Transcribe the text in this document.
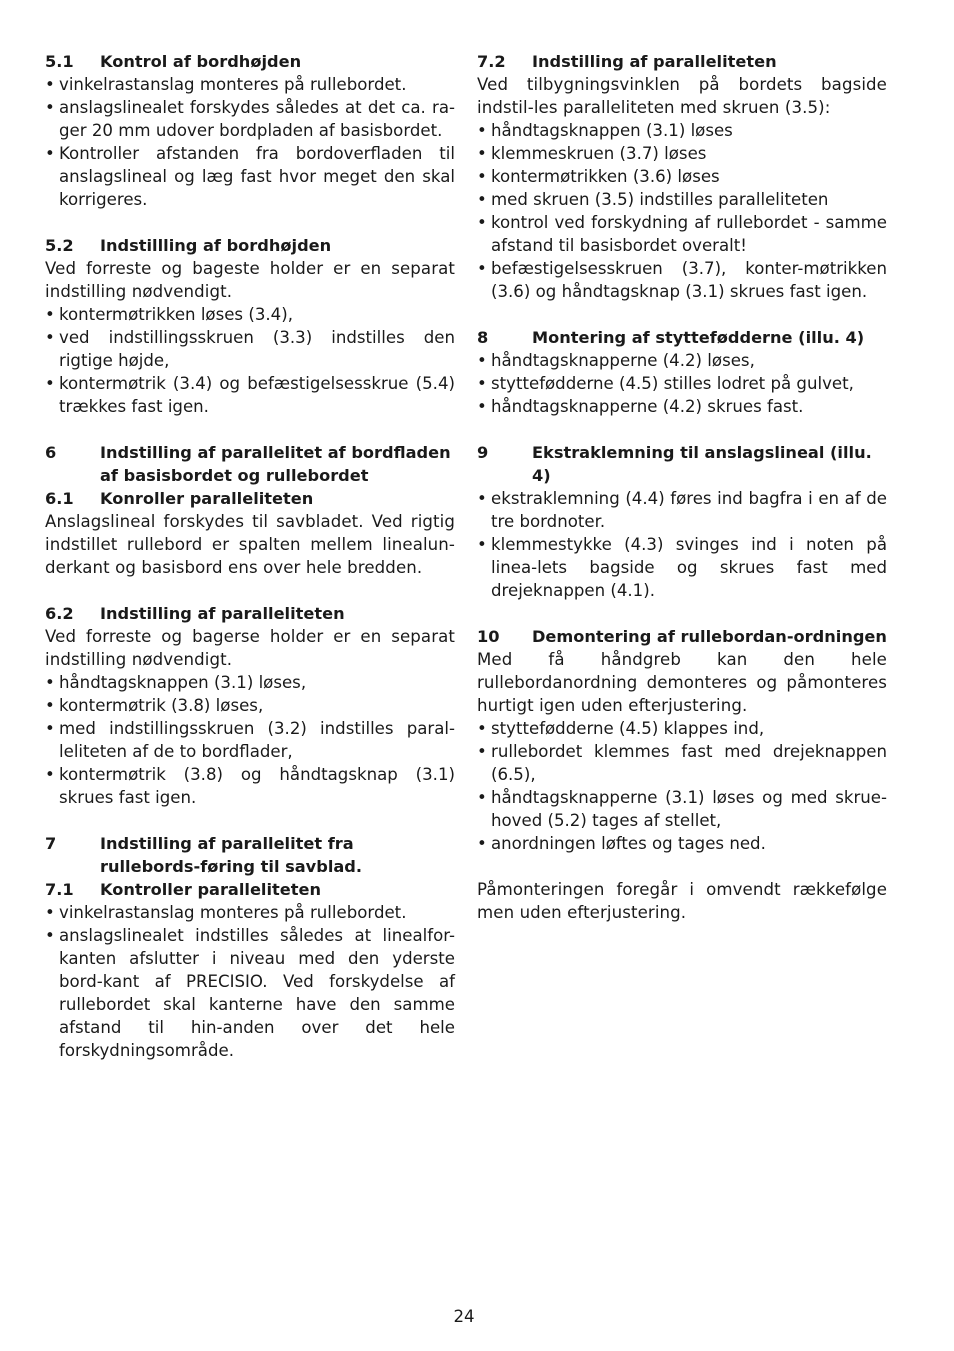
5.1	Kontrol af bordhøjden
• vinkelrastanslag monteres på rullebordet.
• anslagslinealet forskydes således at det ca. ra-ger 20 mm udover bordpladen af basisbordet.
• Kontroller afstanden fra bordoverfladen til anslagslineal og læg fast hvor meget den skal korrigeres.
5.2	Indstillling af bordhøjden
Ved forreste og bageste holder er en separat indstilling nødvendigt.
• kontermøtrikken løses (3.4),
• ved indstillingsskruen (3.3) indstilles den rigtige højde,
• kontermøtrik (3.4) og befæstigelsesskrue (5.4) trækkes fast igen.
6	Indstilling af parallelitet af bordfladen af basisbordet og rullebordet
6.1	Konroller paralleliteten
Anslagslineal forskydes til savbladet. Ved rigtig indstillet rullebord er spalten mellem linealun-derkant og basisbord ens over hele bredden.
6.2	Indstilling af paralleliteten
Ved forreste og bagerse holder er en separat indstilling nødvendigt.
• håndtagsknappen (3.1) løses,
• kontermøtrik (3.8) løses,
• med indstillingsskruen (3.2) indstilles paral-leliteten af de to bordflader,
• kontermøtrik (3.8) og håndtagsknap (3.1) skrues fast igen.
7	Indstilling af parallelitet fra rullebords-føring til savblad.
7.1	Kontroller paralleliteten
• vinkelrastanslag monteres på rullebordet.
• anslagslinealet indstilles således at linealfor-kanten afslutter i niveau med den yderste bord-kant af PRECISIO. Ved forskydelse af rullebordet skal kanterne have den samme afstand til hin-anden over det hele forskydningsområde.
7.2	Indstilling af paralleliteten
Ved tilbygningsvinklen på bordets bagside indstil-les paralleliteten med skruen (3.5):
• håndtagsknappen (3.1) løses
• klemmeskruen (3.7) løses
• kontermøtrikken (3.6) løses
• med skruen (3.5) indstilles paralleliteten
• kontrol ved forskydning af rullebordet - samme afstand til basisbordet overalt!
• befæstigelsesskruen (3.7), konter-møtrikken (3.6) og håndtagsknap (3.1) skrues fast igen.
8	Montering af styttefødderne (illu. 4)
• håndtagsknapperne (4.2) løses,
• styttefødderne (4.5) stilles lodret på gulvet,
• håndtagsknapperne (4.2) skrues fast.
9	Ekstraklemning til anslagslineal (illu. 4)
• ekstraklemning (4.4) føres ind bagfra i en af de tre bordnoter.
• klemmestykke (4.3) svinges ind i noten på linea-lets bagside og skrues fast med drejeknappen (4.1).
10	Demontering af rullebordan-ordningen
Med få håndgreb kan den hele rullebordanordning demonteres og påmonteres hurtigt igen uden efterjustering.
• styttefødderne (4.5) klappes ind,
• rullebordet klemmes fast med drejeknappen (6.5),
• håndtagsknapperne (3.1) løses og med skrue-hoved (5.2) tages af stellet,
• anordningen løftes og tages ned.
Påmonteringen foregår i omvendt rækkefølge men uden efterjustering.
24
